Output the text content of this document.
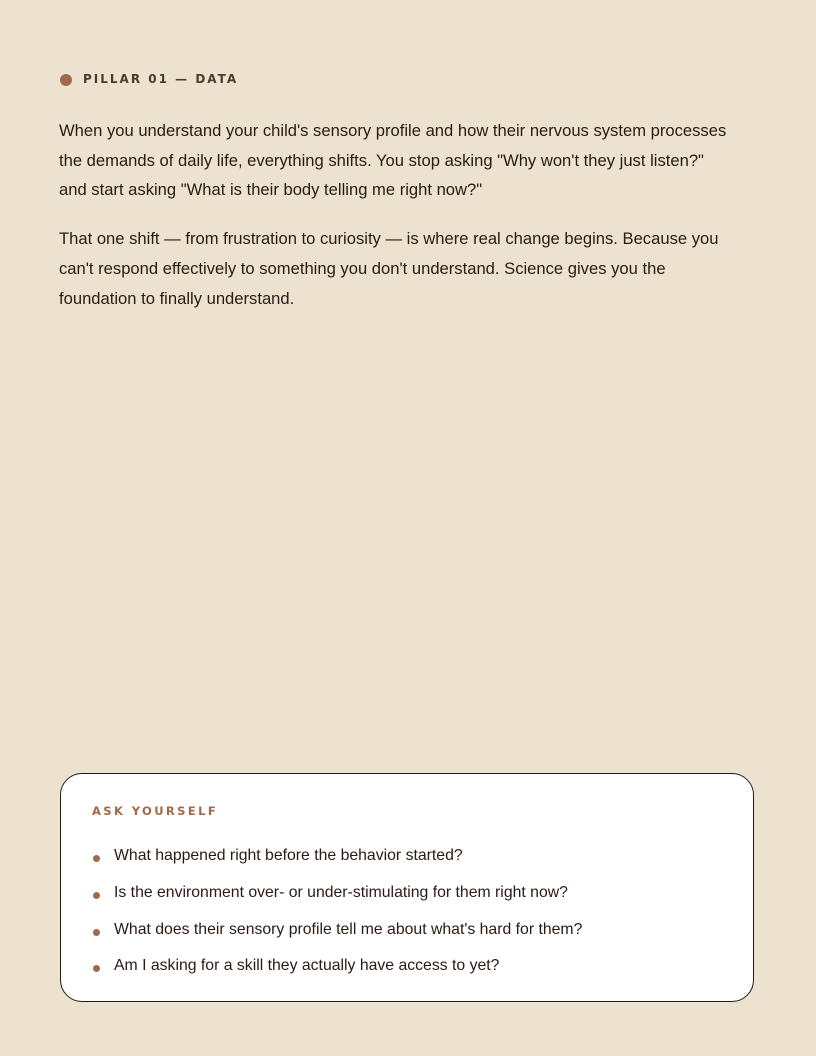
PILLAR 01 — DATA

When you understand your child's sensory profile and how their nervous system processes the demands of daily life, everything shifts. You stop asking "Why won't they just listen?" and start asking "What is their body telling me right now?"

That one shift — from frustration to curiosity — is where real change begins. Because you can't respond effectively to something you don't understand. Science gives you the foundation to finally understand.

ASK YOURSELF
What happened right before the behavior started?
Is the environment over- or under-stimulating for them right now?
What does their sensory profile tell me about what's hard for them?
Am I asking for a skill they actually have access to yet?
